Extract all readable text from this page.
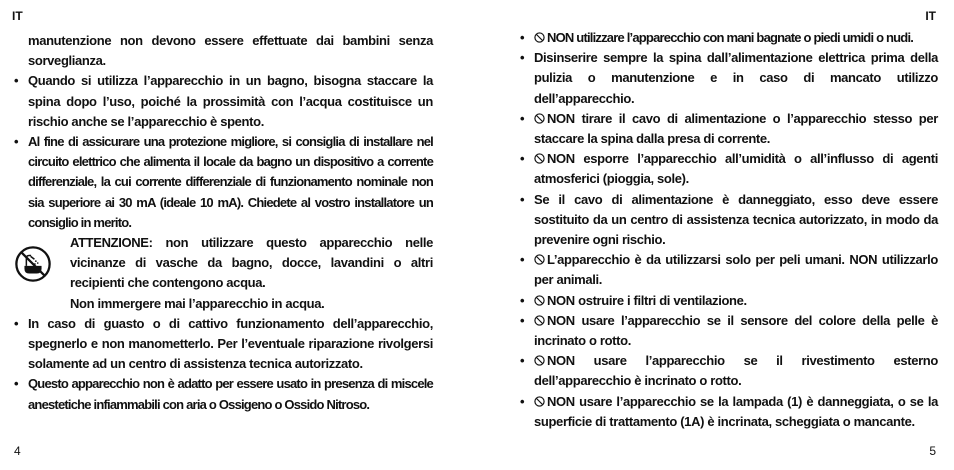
IT

manutenzione non devono essere effettuate dai bambini senza sorveglianza.

• Quando si utilizza l’apparecchio in un bagno, bisogna staccare la spina dopo l’uso, poiché la prossimità con l’acqua costituisce un rischio anche se l’apparecchio è spento.

• Al fine di assicurare una protezione migliore, si consiglia di installare nel circuito elettrico che alimenta il locale da bagno un dispositivo a corrente differenziale, la cui corrente differenziale di funzionamento nominale non sia superiore ai 30 mA (ideale 10 mA). Chiedete al vostro installatore un consiglio in merito.

ATTENZIONE: non utilizzare questo apparecchio nelle vicinanze di vasche da bagno, docce, lavandini o altri recipienti che contengono acqua.

Non immergere mai l’apparecchio in acqua.

• In caso di guasto o di cattivo funzionamento dell’apparecchio, spegnerlo e non manometterlo. Per l’eventuale riparazione rivolgersi solamente ad un centro di assistenza tecnica autorizzato.

• Questo apparecchio non è adatto per essere usato in presenza di miscele anestetiche infiammabili con aria o Ossigeno o Ossido Nitroso.

4
IT

• NON utilizzare l’apparecchio con mani bagnate o piedi umidi o nudi.

• Disinserire sempre la spina dall’alimentazione elettrica prima della pulizia o manutenzione e in caso di mancato utilizzo dell’apparecchio.

• NON tirare il cavo di alimentazione o l’apparecchio stesso per staccare la spina dalla presa di corrente.

• NON esporre l’apparecchio all’umidità o all’influsso di agenti atmosferici (pioggia, sole).

• Se il cavo di alimentazione è danneggiato, esso deve essere sostituito da un centro di assistenza tecnica autorizzato, in modo da prevenire ogni rischio.

• L’apparecchio è da utilizzarsi solo per peli umani. NON utilizzarlo per animali.

• NON ostruire i filtri di ventilazione.

• NON usare l’apparecchio se il sensore del colore della pelle è incrinato o rotto.

• NON usare l’apparecchio se il rivestimento esterno dell’apparecchio è incrinato o rotto.

• NON usare l’apparecchio se la lampada (1) è danneggiata, o se la superficie di trattamento (1A) è incrinata, scheggiata o mancante.

5
